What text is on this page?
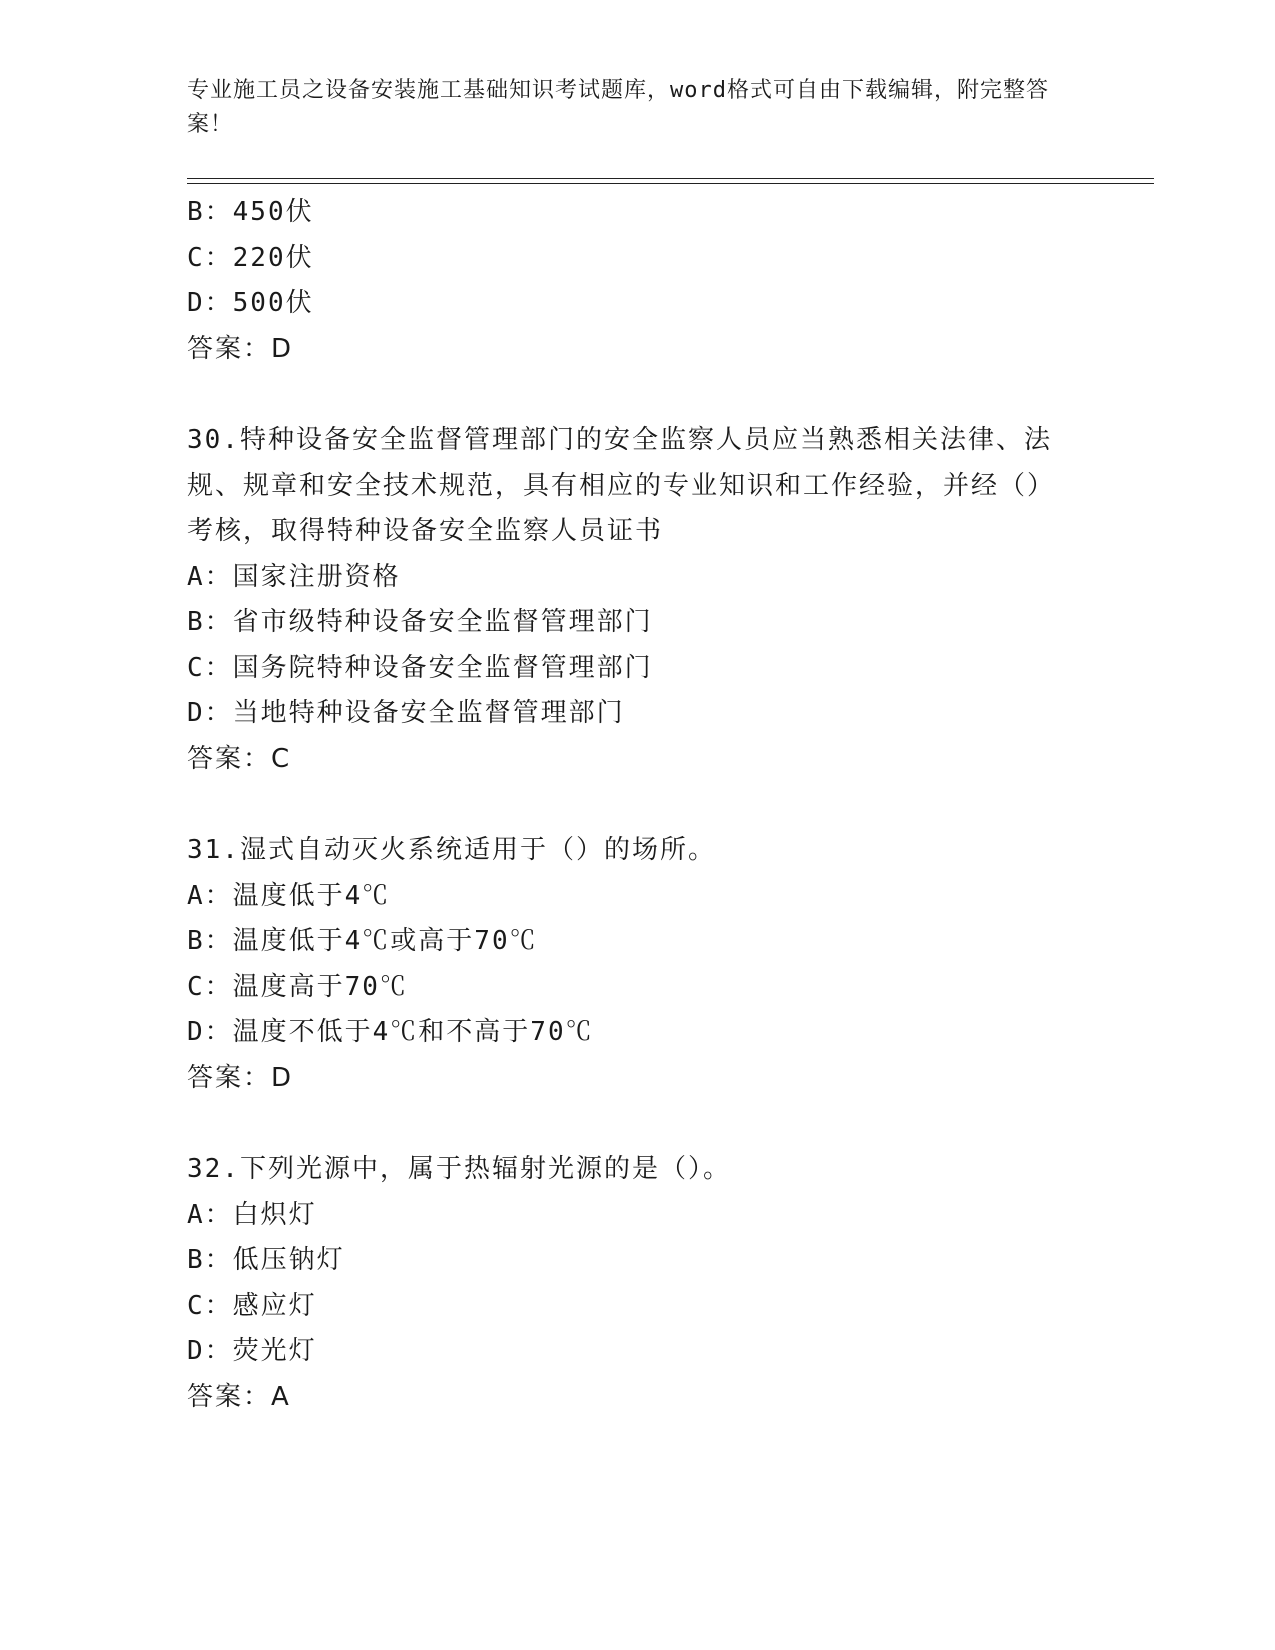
专业施工员之设备安装施工基础知识考试题库，word格式可自由下载编辑，附完整答案！
B：450伏
C：220伏
D：500伏
答案：D
30.特种设备安全监督管理部门的安全监察人员应当熟悉相关法律、法规、规章和安全技术规范，具有相应的专业知识和工作经验，并经（）考核，取得特种设备安全监察人员证书
A：国家注册资格
B：省市级特种设备安全监督管理部门
C：国务院特种设备安全监督管理部门
D：当地特种设备安全监督管理部门
答案：C
31.湿式自动灭火系统适用于（）的场所。
A：温度低于4℃
B：温度低于4℃或高于70℃
C：温度高于70℃
D：温度不低于4℃和不高于70℃
答案：D
32.下列光源中，属于热辐射光源的是（）。
A：白炽灯
B：低压钠灯
C：感应灯
D：荧光灯
答案：A
